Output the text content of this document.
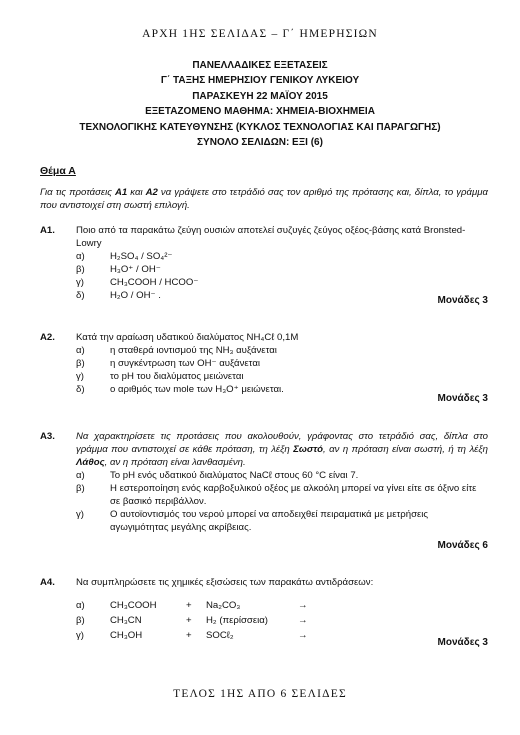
ΑΡΧΗ 1ΗΣ ΣΕΛΙΔΑΣ – Γ΄ ΗΜΕΡΗΣΙΩΝ
ΠΑΝΕΛΛΑΔΙΚΕΣ ΕΞΕΤΑΣΕΙΣ
Γ΄ ΤΑΞΗΣ ΗΜΕΡΗΣΙΟΥ ΓΕΝΙΚΟΥ ΛΥΚΕΙΟΥ
ΠΑΡΑΣΚΕΥΗ 22 ΜΑΪΟΥ 2015
ΕΞΕΤΑΖΟΜΕΝΟ ΜΑΘΗΜΑ: ΧΗΜΕΙΑ-ΒΙΟΧΗΜΕΙΑ
ΤΕΧΝΟΛΟΓΙΚΗΣ ΚΑΤΕΥΘΥΝΣΗΣ (ΚΥΚΛΟΣ ΤΕΧΝΟΛΟΓΙΑΣ ΚΑΙ ΠΑΡΑΓΩΓΗΣ)
ΣΥΝΟΛΟ ΣΕΛΙΔΩΝ: ΕΞΙ (6)
Θέμα Α
Για τις προτάσεις Α1 και Α2 να γράψετε στο τετράδιό σας τον αριθμό της πρότασης και, δίπλα, το γράμμα που αντιστοιχεί στη σωστή επιλογή.
Α1. Ποιο από τα παρακάτω ζεύγη ουσιών αποτελεί συζυγές ζεύγος οξέος-βάσης κατά Bronsted-Lowry
α)	H₂SO₄ / SO₄²⁻
β)	H₃O⁺ / OH⁻
γ)	CH₃COOH / HCOO⁻
δ)	H₂O / OH⁻ .	Μονάδες 3
Α2. Κατά την αραίωση υδατικού διαλύματος NH₄Cℓ 0,1M
α)	η σταθερά ιοντισμού της NH₃ αυξάνεται
β)	η συγκέντρωση των OH⁻ αυξάνεται
γ)	το pH του διαλύματος μειώνεται
δ)	ο αριθμός των mole των H₃O⁺ μειώνεται.
Μονάδες 3
Α3. Να χαρακτηρίσετε τις προτάσεις που ακολουθούν, γράφοντας στο τετράδιό σας, δίπλα στο γράμμα που αντιστοιχεί σε κάθε πρόταση, τη λέξη Σωστό, αν η πρόταση είναι σωστή, ή τη λέξη Λάθος, αν η πρόταση είναι λανθασμένη.
α)	Το pH ενός υδατικού διαλύματος NaCℓ στους 60 °C είναι 7.
β)	Η εστεροποίηση ενός καρβοξυλικού οξέος με αλκοόλη μπορεί να γίνει είτε σε όξινο είτε σε βασικό περιβάλλον.
γ)	Ο αυτοϊοντισμός του νερού μπορεί να αποδειχθεί πειραματικά με μετρήσεις αγωγιμότητας μεγάλης ακρίβειας.
Μονάδες 6
Α4. Να συμπληρώσετε τις χημικές εξισώσεις των παρακάτω αντιδράσεων:
α)	CH₃COOH	+ Na₂CO₃	→
β)	CH₃CN	+ H₂ (περίσσεια)	→
γ)	CH₃OH	+ SOCℓ₂	→
Μονάδες 3
ΤΕΛΟΣ 1ΗΣ ΑΠΟ 6 ΣΕΛΙΔΕΣ
